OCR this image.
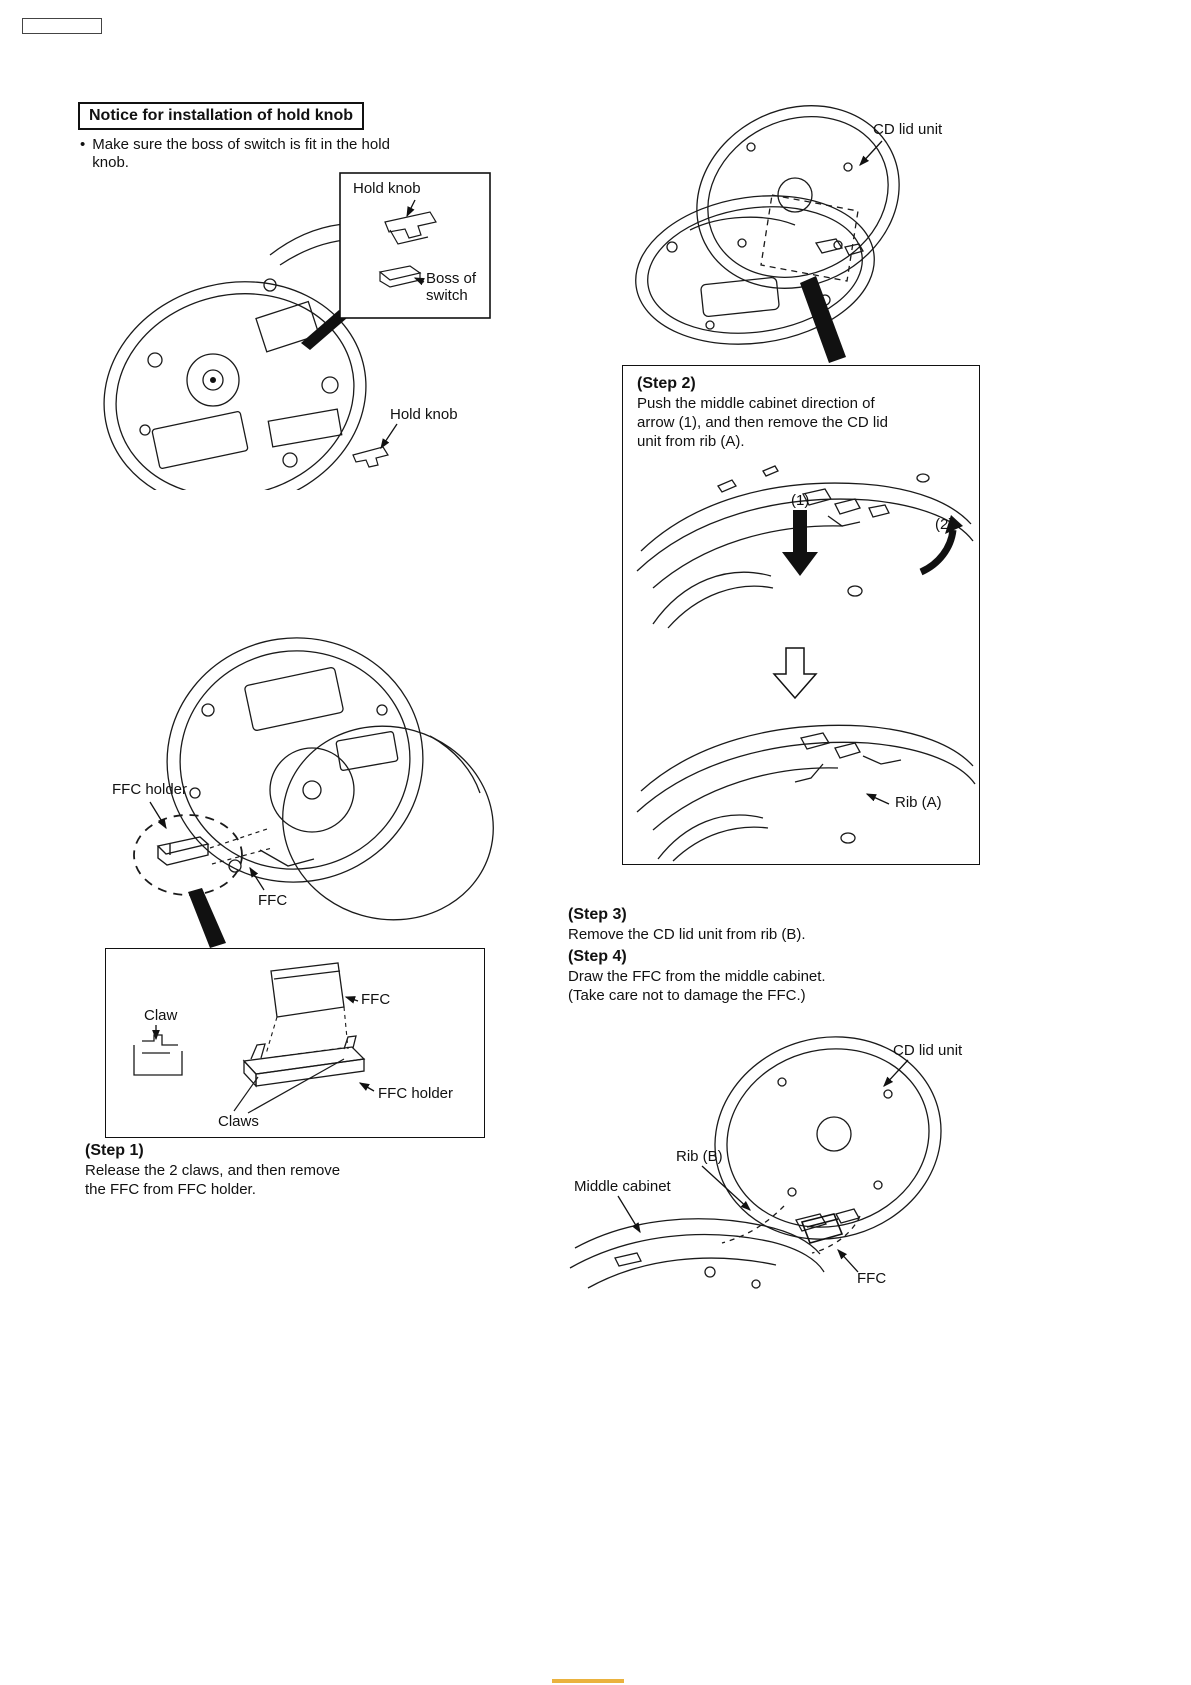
Notice for installation of hold knob
• Make sure the boss of switch is fit in the hold knob.
Hold knob
Boss of switch
Hold knob
FFC holder
FFC
Claw
FFC
FFC holder
Claws
(Step 1)
Release the 2 claws, and then remove the FFC from FFC holder.
CD lid unit
(Step 2)
Push the middle cabinet direction of arrow (1), and then remove the CD lid unit from rib (A).
(1)
(2)
Rib (A)
(Step 3)
Remove the CD lid unit from rib (B).
(Step 4)
Draw the FFC from the middle cabinet.
(Take care not to damage the FFC.)
CD lid unit
Rib (B)
Middle cabinet
FFC
